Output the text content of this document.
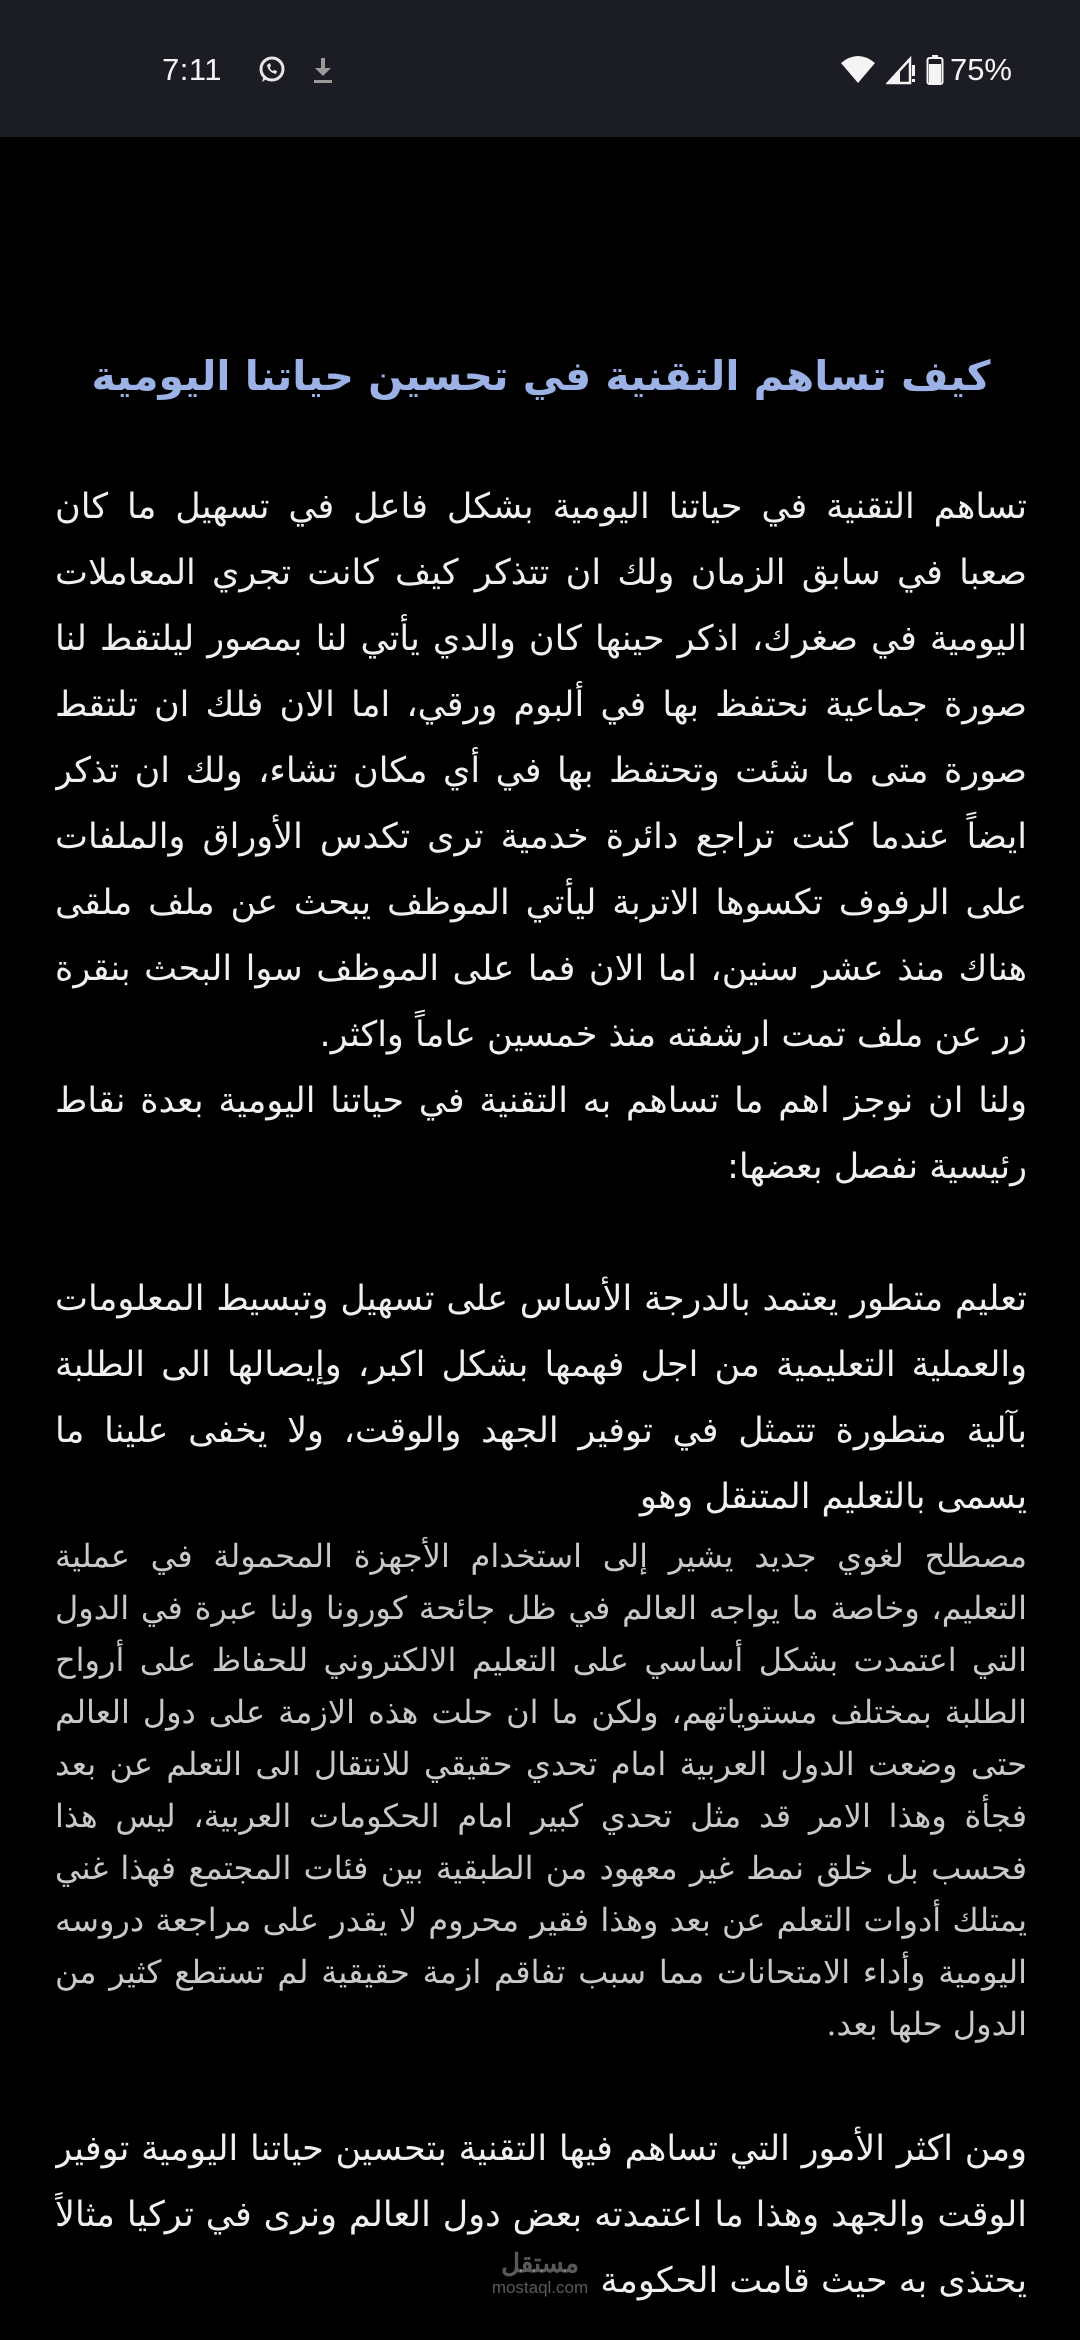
7:11	75%
كيف تساهم التقنية في تحسين حياتنا اليومية

تساهم التقنية في حياتنا اليومية بشكل فاعل في تسهيل ما كان صعبا في سابق الزمان ولك ان تتذكر كيف كانت تجري المعاملات اليومية في صغرك، اذكر حينها كان والدي يأتي لنا بمصور ليلتقط لنا صورة جماعية نحتفظ بها في ألبوم ورقي، اما الان فلك ان تلتقط صورة متى ما شئت وتحتفظ بها في أي مكان تشاء، ولك ان تذكر ايضاً عندما كنت تراجع دائرة خدمية ترى تكدس الأوراق والملفات على الرفوف تكسوها الاتربة ليأتي الموظف يبحث عن ملف ملقى هناك منذ عشر سنين، اما الان فما على الموظف سوا البحث بنقرة زر عن ملف تمت ارشفته منذ خمسين عاماً واكثر.

ولنا ان نوجز اهم ما تساهم به التقنية في حياتنا اليومية بعدة نقاط رئيسية نفصل بعضها:

تعليم متطور يعتمد بالدرجة الأساس على تسهيل وتبسيط المعلومات والعملية التعليمية من اجل فهمها بشكل اكبر، وإيصالها الى الطلبة بآلية متطورة تتمثل في توفير الجهد والوقت، ولا يخفى علينا ما يسمى بالتعليم المتنقل وهو

مصطلح لغوي جديد يشير إلى استخدام الأجهزة المحمولة في عملية التعليم، وخاصة ما يواجه العالم في ظل جائحة كورونا ولنا عبرة في الدول التي اعتمدت بشكل أساسي على التعليم الالكتروني للحفاظ على أرواح الطلبة بمختلف مستوياتهم، ولكن ما ان حلت هذه الازمة على دول العالم حتى وضعت الدول العربية امام تحدي حقيقي للانتقال الى التعلم عن بعد فجأة وهذا الامر قد مثل تحدي كبير امام الحكومات العربية، ليس هذا فحسب بل خلق نمط غير معهود من الطبقية بين فئات المجتمع فهذا غني يمتلك أدوات التعلم عن بعد وهذا فقير محروم لا يقدر على مراجعة دروسه اليومية وأداء الامتحانات مما سبب تفاقم ازمة حقيقية لم تستطع كثير من الدول حلها بعد.

ومن اكثر الأمور التي تساهم فيها التقنية بتحسين حياتنا اليومية توفير الوقت والجهد وهذا ما اعتمدته بعض دول العالم ونرى في تركيا مثالاً يحتذى به حيث قامت الحكومة

مستقل
mostaql.com
